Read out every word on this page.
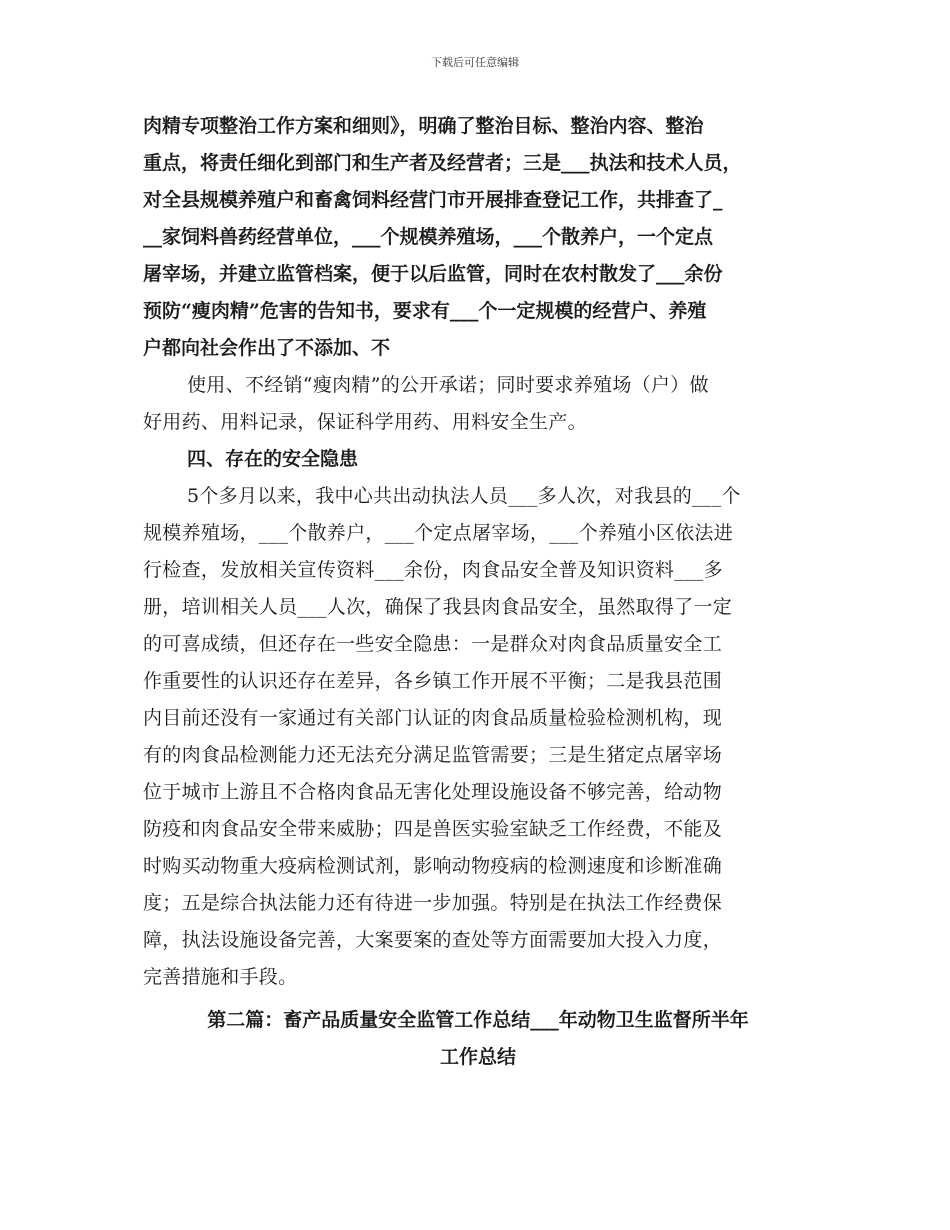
下载后可任意编辑
肉精专项整治工作方案和细则》，明确了整治目标、整治内容、整治
重点，将责任细化到部门和生产者及经营者；三是___执法和技术人员，
对全县规模养殖户和畜禽饲料经营门市开展排查登记工作，共排查了_
__家饲料兽药经营单位，___个规模养殖场，___个散养户，一个定点
屠宰场，并建立监管档案，便于以后监管，同时在农村散发了___余份
预防“瘦肉精”危害的告知书，要求有___个一定规模的经营户、养殖
户都向社会作出了不添加、不
使用、不经销“瘦肉精”的公开承诺；同时要求养殖场（户）做
好用药、用料记录，保证科学用药、用料安全生产。
四、存在的安全隐患
5个多月以来，我中心共出动执法人员___多人次，对我县的___个
规模养殖场，___个散养户，___个定点屠宰场，___个养殖小区依法进
行检查，发放相关宣传资料___余份，肉食品安全普及知识资料___多
册，培训相关人员___人次，确保了我县肉食品安全，虽然取得了一定
的可喜成绩，但还存在一些安全隐患：一是群众对肉食品质量安全工
作重要性的认识还存在差异，各乡镇工作开展不平衡；二是我县范围
内目前还没有一家通过有关部门认证的肉食品质量检验检测机构，现
有的肉食品检测能力还无法充分满足监管需要；三是生猪定点屠宰场
位于城市上游且不合格肉食品无害化处理设施设备不够完善，给动物
防疫和肉食品安全带来威胁；四是兽医实验室缺乏工作经费，不能及
时购买动物重大疫病检测试剂，影响动物疫病的检测速度和诊断准确
度；五是综合执法能力还有待进一步加强。特别是在执法工作经费保
障，执法设施设备完善，大案要案的查处等方面需要加大投入力度，
完善措施和手段。
第二篇：畜产品质量安全监管工作总结___年动物卫生监督所半年
工作总结
